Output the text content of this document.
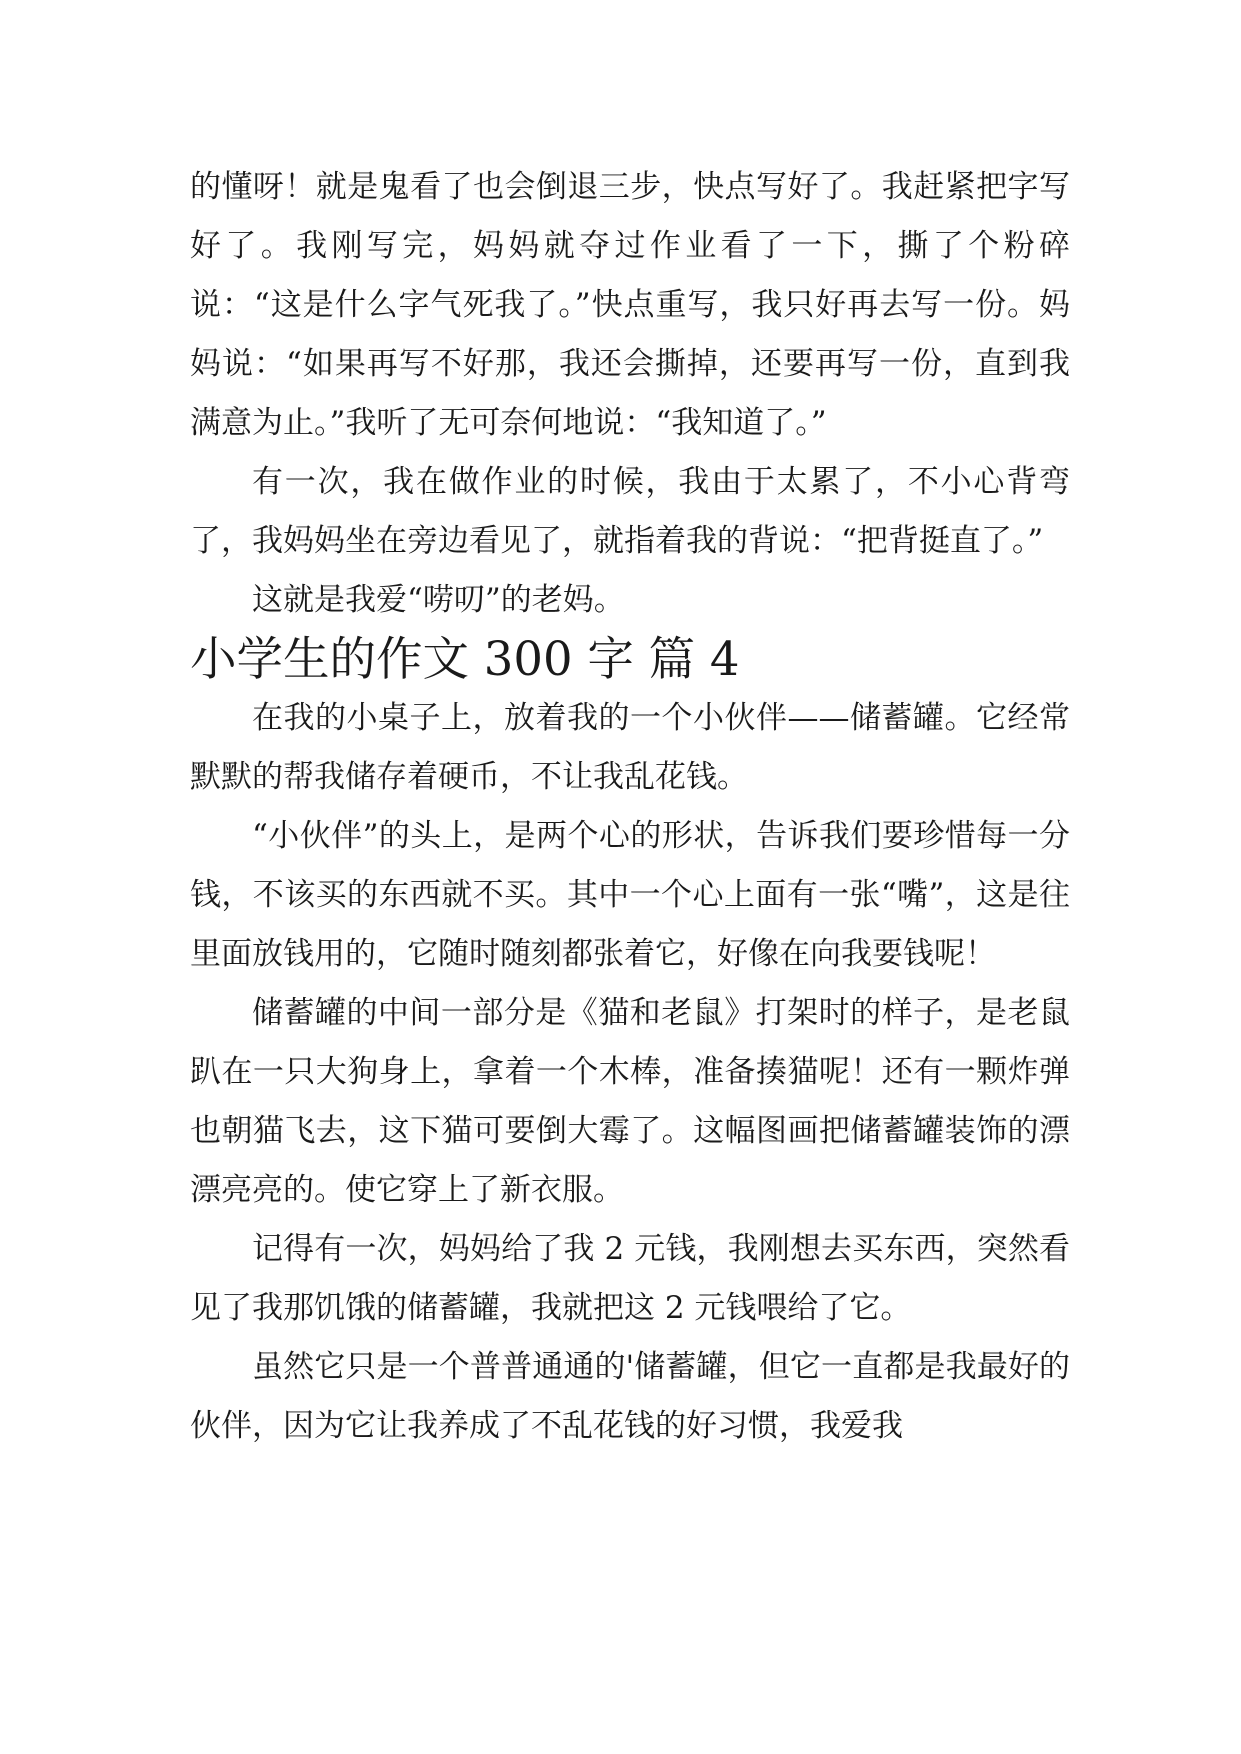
的懂呀！就是鬼看了也会倒退三步，快点写好了。我赶紧把字写好了。我刚写完，妈妈就夺过作业看了一下，撕了个粉碎说：“这是什么字气死我了。”快点重写，我只好再去写一份。妈妈说：“如果再写不好那，我还会撕掉，还要再写一份，直到我满意为止。”我听了无可奈何地说：“我知道了。”

有一次，我在做作业的时候，我由于太累了，不小心背弯了，我妈妈坐在旁边看见了，就指着我的背说：“把背挺直了。”

这就是我爱“唠叨”的老妈。

小学生的作文 300 字 篇 4

在我的小桌子上，放着我的一个小伙伴——储蓄罐。它经常默默的帮我储存着硬币，不让我乱花钱。

“小伙伴”的头上，是两个心的形状，告诉我们要珍惜每一分钱，不该买的东西就不买。其中一个心上面有一张“嘴”，这是往里面放钱用的，它随时随刻都张着它，好像在向我要钱呢！

储蓄罐的中间一部分是《猫和老鼠》打架时的样子，是老鼠趴在一只大狗身上，拿着一个木棒，准备揍猫呢！还有一颗炸弹也朝猫飞去，这下猫可要倒大霉了。这幅图画把储蓄罐装饰的漂漂亮亮的。使它穿上了新衣服。

记得有一次，妈妈给了我 2 元钱，我刚想去买东西，突然看见了我那饥饿的储蓄罐，我就把这 2 元钱喂给了它。

虽然它只是一个普普通通的'储蓄罐，但它一直都是我最好的伙伴，因为它让我养成了不乱花钱的好习惯，我爱我
